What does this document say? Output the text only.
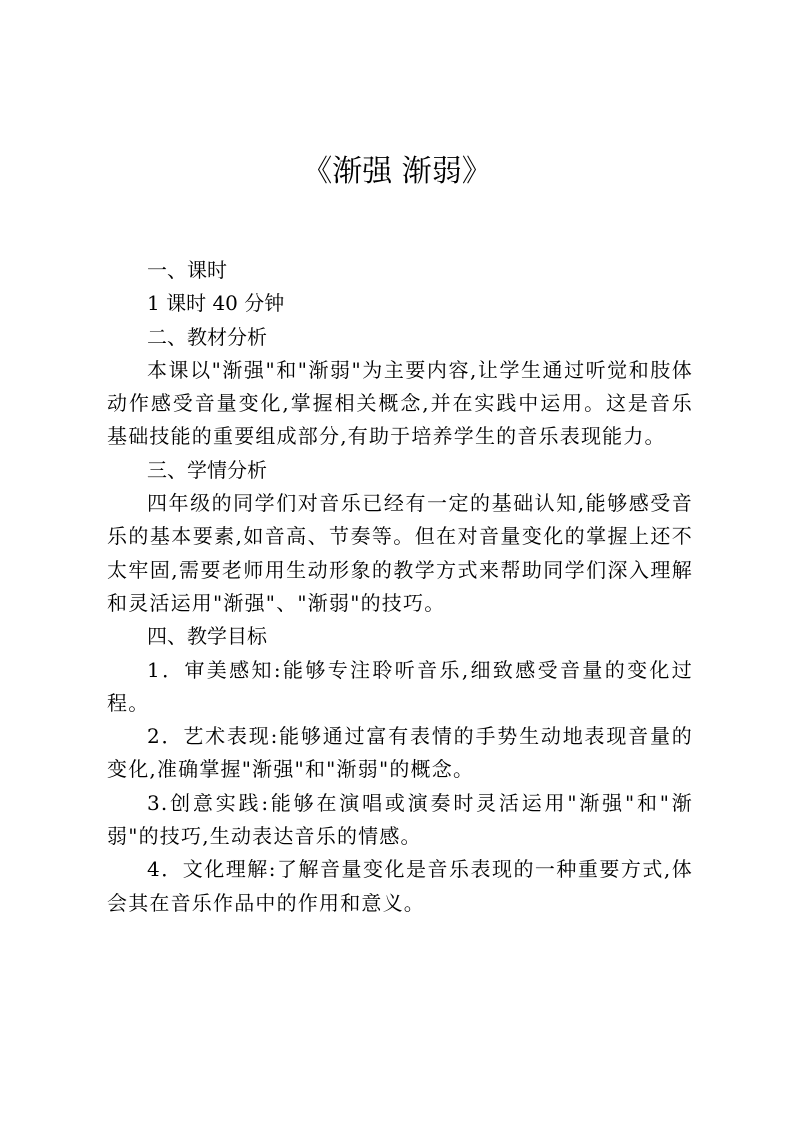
《渐强 渐弱》

一、课时

1 课时 40 分钟

二、教材分析

本课以"渐强"和"渐弱"为主要内容,让学生通过听觉和肢体动作感受音量变化,掌握相关概念,并在实践中运用。这是音乐基础技能的重要组成部分,有助于培养学生的音乐表现能力。

三、学情分析

四年级的同学们对音乐已经有一定的基础认知,能够感受音乐的基本要素,如音高、节奏等。但在对音量变化的掌握上还不太牢固,需要老师用生动形象的教学方式来帮助同学们深入理解和灵活运用"渐强"、"渐弱"的技巧。

四、教学目标

1．审美感知:能够专注聆听音乐,细致感受音量的变化过程。

2．艺术表现:能够通过富有表情的手势生动地表现音量的变化,准确掌握"渐强"和"渐弱"的概念。

3.创意实践:能够在演唱或演奏时灵活运用"渐强"和"渐弱"的技巧,生动表达音乐的情感。

4．文化理解:了解音量变化是音乐表现的一种重要方式,体会其在音乐作品中的作用和意义。
